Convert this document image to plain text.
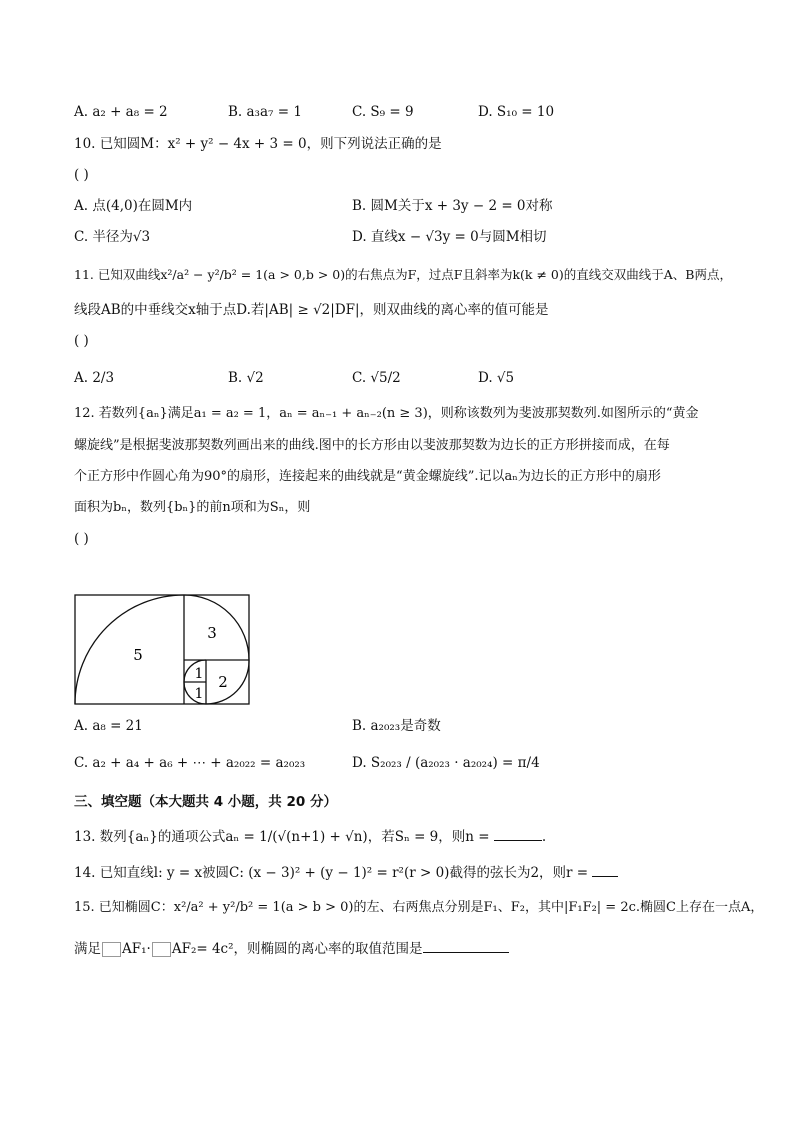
A. a₂ + a₈ = 2	B. a₃a₇ = 1	C. S₉ = 9	D. S₁₀ = 10
10. 已知圆M：x² + y² − 4x + 3 = 0，则下列说法正确的是
( )
A. 点(4,0)在圆M内	B. 圆M关于x + 3y − 2 = 0对称
C. 半径为√3	D. 直线x − √3y = 0与圆M相切
11. 已知双曲线x²/a² − y²/b² = 1(a > 0,b > 0)的右焦点为F，过点F且斜率为k(k ≠ 0)的直线交双曲线于A、B两点，
线段AB的中垂线交x轴于点D.若|AB| ≥ √2|DF|，则双曲线的离心率的值可能是
( )
A. 2/3	B. √2	C. √5/2	D. √5
12. 若数列{aₙ}满足a₁ = a₂ = 1，aₙ = aₙ₋₁ + aₙ₋₂(n ≥ 3)，则称该数列为斐波那契数列.如图所示的“黄金
螺旋线”是根据斐波那契数列画出来的曲线.图中的长方形由以斐波那契数为边长的正方形拼接而成，在每
个正方形中作圆心角为90°的扇形，连接起来的曲线就是“黄金螺旋线”.记以aₙ为边长的正方形中的扇形
面积为bₙ，数列{bₙ}的前n项和为Sₙ，则
( )
5
3
2
1
1
A. a₈ = 21	B. a₂₀₂₃是奇数
C. a₂ + a₄ + a₆ + ⋯ + a₂₀₂₂ = a₂₀₂₃	D. S₂₀₂₃ / (a₂₀₂₃ · a₂₀₂₄) = π/4
三、填空题（本大题共 4 小题，共 20 分）
13. 数列{aₙ}的通项公式aₙ = 1/(√(n+1) + √n)，若Sₙ = 9，则n =	.
14. 已知直线l: y = x被圆C: (x − 3)² + (y − 1)² = r²(r > 0)截得的弦长为2，则r =
15. 已知椭圆C：x²/a² + y²/b² = 1(a > b > 0)的左、右两焦点分别是F₁、F₂，其中|F₁F₂| = 2c.椭圆C上存在一点A，
满足 AF₁· AF₂= 4c²，则椭圆的离心率的取值范围是
